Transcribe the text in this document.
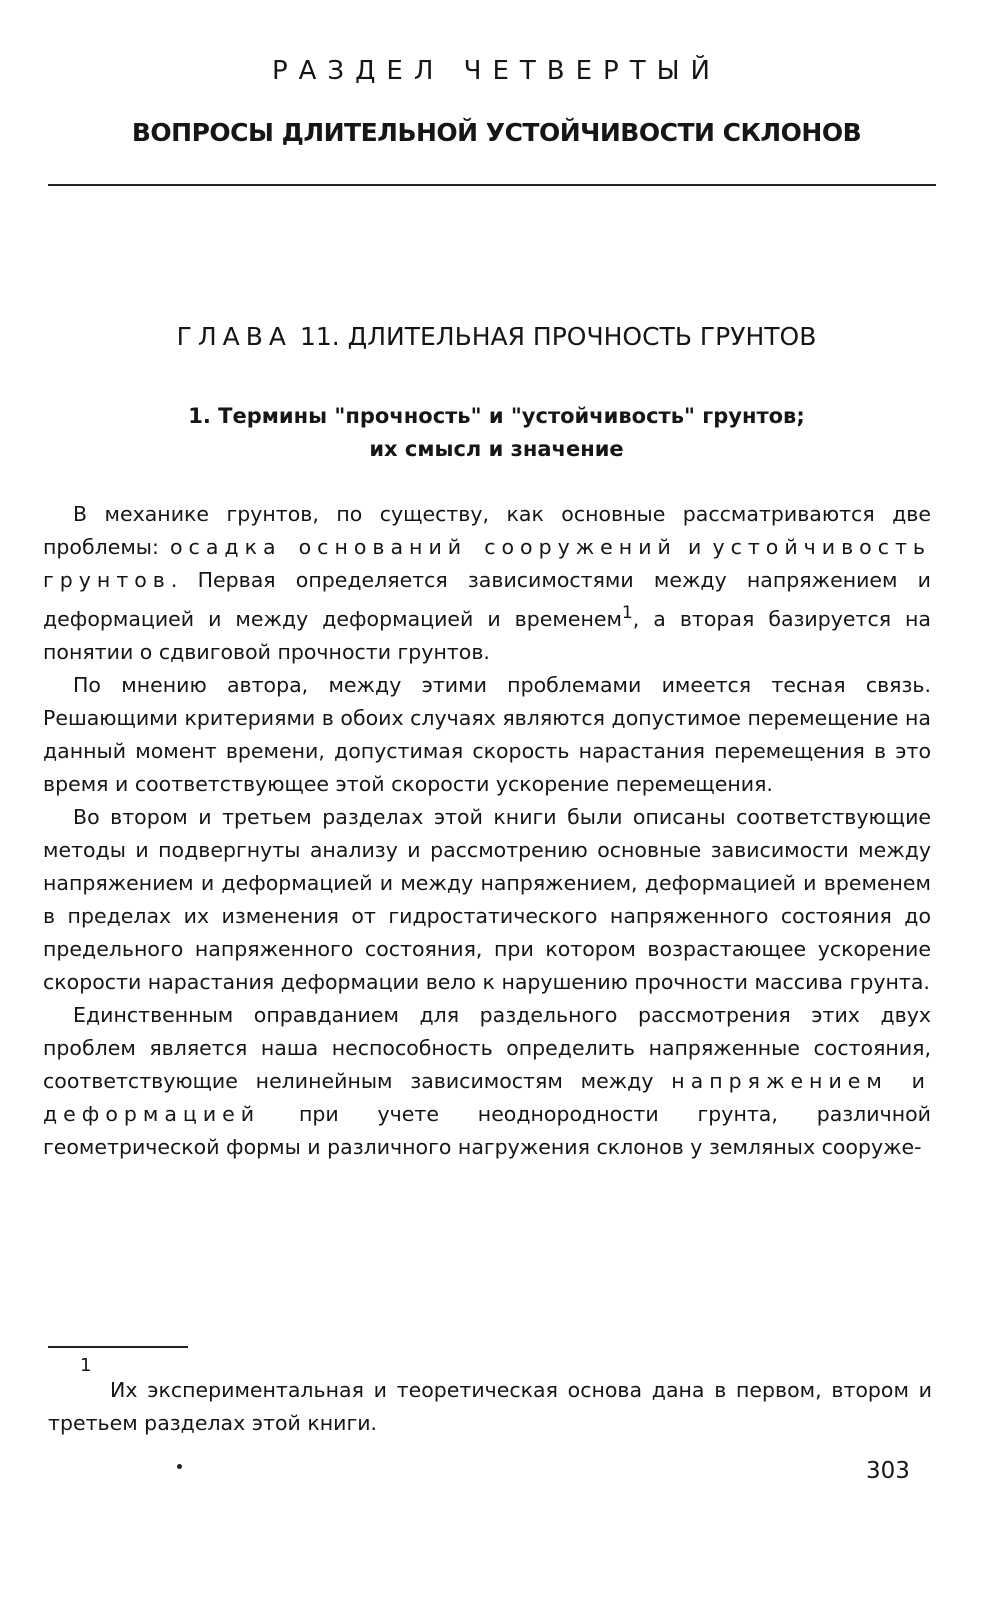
РАЗДЕЛ ЧЕТВЕРТЫЙ
ВОПРОСЫ ДЛИТЕЛЬНОЙ УСТОЙЧИВОСТИ СКЛОНОВ
ГЛАВА 11. ДЛИТЕЛЬНАЯ ПРОЧНОСТЬ ГРУНТОВ
1. Термины "прочность" и "устойчивость" грунтов;
их смысл и значение

В механике грунтов, по существу, как основные рассматриваются две проблемы: осадка оснований сооружений и устойчивость грунтов. Первая определяется зависимостями между напряжением и деформацией и между деформацией и временем$^1$, а вторая базируется на понятии о сдвиговой прочности грунтов.

По мнению автора, между этими проблемами имеется тесная связь. Решающими критериями в обоих случаях являются допустимое перемещение на данный момент времени, допустимая скорость нарастания перемещения в это время и соответствующее этой скорости ускорение перемещения.

Во втором и третьем разделах этой книги были описаны соответствующие методы и подвергнуты анализу и рассмотрению основные зависимости между напряжением и деформацией и между напряжением, деформацией и временем в пределах их изменения от гидростатического напряженного состояния до предельного напряженного состояния, при котором возрастающее ускорение скорости нарастания деформации вело к нарушению прочности массива грунта.

Единственным оправданием для раздельного рассмотрения этих двух проблем является наша неспособность определить напряженные состояния, соответствующие нелинейным зависимостям между напряжением и деформацией при учете неоднородности грунта, различной геометрической формы и различного нагружения склонов у земляных сооруже-

1
Их экспериментальная и теоретическая основа дана в первом, втором и третьем разделах этой книги.
303
